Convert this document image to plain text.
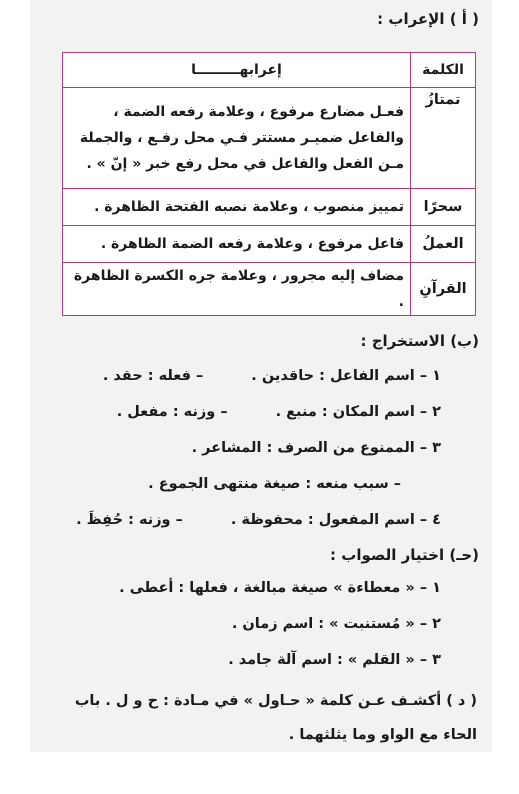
( أ ) الإعراب :
الكلمة	إعرابهـــــــــا
تمتازُ	فعـل مضارع مرفوع ، وعلامة رفعه الضمة ، والفاعل ضميـر مستتر فـي محل رفـع ، والجملة مـن الفعل والفاعل في محل رفع خبر « إنّ » .
سحرًا	تمييز منصوب ، وعلامة نصبه الفتحة الظاهرة .
العملُ	فاعل مرفوع ، وعلامة رفعه الضمة الظاهرة .
القرآنِ	مضاف إليه مجرور ، وعلامة جره الكسرة الظاهرة .
(ب) الاستخراج :
١ – اسم الفاعل : حاقدين .– فعله : حقد .
٢ – اسم المكان : منبع .– وزنه : مفعل .
٣ – الممنوع من الصرف : المشاعر .
– سبب منعه : صيغة منتهى الجموع .
٤ – اسم المفعول : محفوظة .– وزنه : حُفِظَ .
(حـ) اختيار الصواب :
١ – « معطاءة » صيغة مبالغة ، فعلها : أعطى .
٢ – « مُستنبت » : اسم زمان .
٣ – « القلم » : اسم آلة جامد .
( د ) أكشـف عـن كلمة « حـاول » في مـادة : ح و ل . باب الحاء مع الواو وما يثلثهما .
